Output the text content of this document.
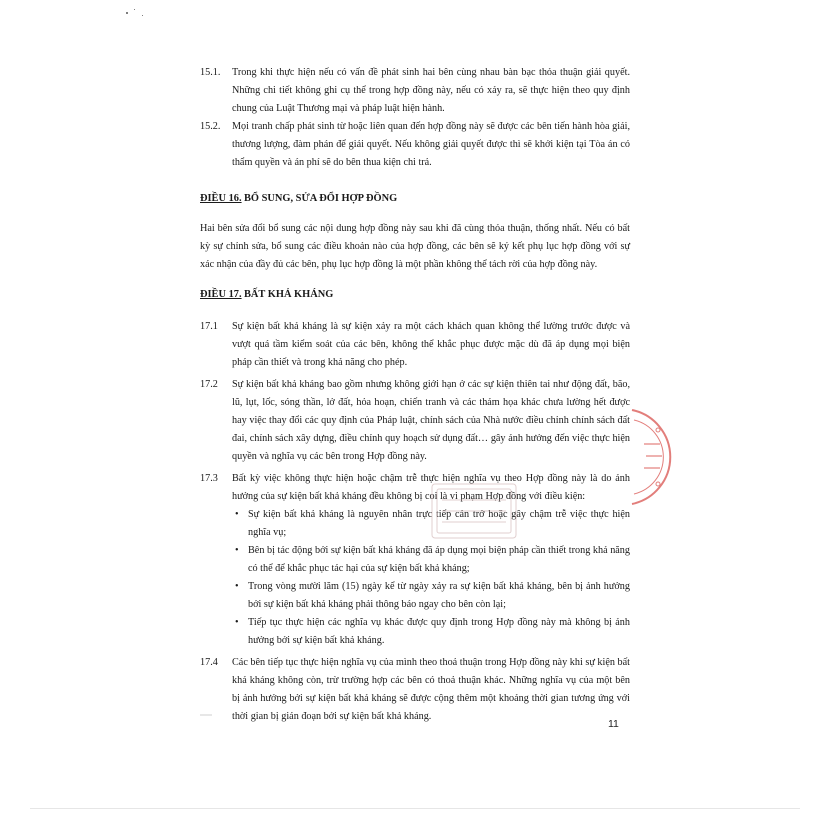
15.1. Trong khi thực hiện nếu có vấn đề phát sinh hai bên cùng nhau bàn bạc thỏa thuận giải quyết. Những chi tiết không ghi cụ thể trong hợp đồng này, nếu có xảy ra, sẽ thực hiện theo quy định chung của Luật Thương mại và pháp luật hiện hành.

15.2. Mọi tranh chấp phát sinh từ hoặc liên quan đến hợp đồng này sẽ được các bên tiến hành hòa giải, thương lượng, đàm phán để giải quyết. Nếu không giải quyết được thì sẽ khởi kiện tại Tòa án có thẩm quyền và án phí sẽ do bên thua kiện chi trả.

ĐIỀU 16. BỔ SUNG, SỬA ĐỔI HỢP ĐỒNG

Hai bên sửa đổi bổ sung các nội dung hợp đồng này sau khi đã cùng thỏa thuận, thống nhất. Nếu có bất kỳ sự chỉnh sửa, bổ sung các điều khoản nào của hợp đồng, các bên sẽ ký kết phụ lục hợp đồng với sự xác nhận của đầy đủ các bên, phụ lục hợp đồng là một phần không thể tách rời của hợp đồng này.

ĐIỀU 17. BẤT KHẢ KHÁNG
17.1 Sự kiện bất khả kháng là sự kiện xảy ra một cách khách quan không thể lường trước được và vượt quá tầm kiểm soát của các bên, không thể khắc phục được mặc dù đã áp dụng mọi biện pháp cần thiết và trong khả năng cho phép.

17.2 Sự kiện bất khả kháng bao gồm nhưng không giới hạn ở các sự kiện thiên tai như động đất, bão, lũ, lụt, lốc, sóng thần, lở đất, hỏa hoạn, chiến tranh và các thảm họa khác chưa lường hết được hay việc thay đổi các quy định của Pháp luật, chính sách của Nhà nước điều chỉnh chính sách đất đai, chính sách xây dựng, điều chỉnh quy hoạch sử dụng đất… gây ảnh hưởng đến việc thực hiện quyền và nghĩa vụ các bên trong Hợp đồng này.

17.3 Bất kỳ việc không thực hiện hoặc chậm trễ thực hiện nghĩa vụ theo Hợp đồng này là do ảnh hưởng của sự kiện bất khả kháng đều không bị coi là vi phạm Hợp đồng với điều kiện:

• Sự kiện bất khả kháng là nguyên nhân trực tiếp cản trở hoặc gây chậm trễ việc thực hiện nghĩa vụ;
• Bên bị tác động bởi sự kiện bất khả kháng đã áp dụng mọi biện pháp cần thiết trong khả năng có thể để khắc phục tác hại của sự kiện bất khả kháng;
• Trong vòng mười lăm (15) ngày kể từ ngày xảy ra sự kiện bất khả kháng, bên bị ảnh hưởng bởi sự kiện bất khả kháng phải thông báo ngay cho bên còn lại;
• Tiếp tục thực hiện các nghĩa vụ khác được quy định trong Hợp đồng này mà không bị ảnh hưởng bởi sự kiện bất khả kháng.
17.4 Các bên tiếp tục thực hiện nghĩa vụ của mình theo thoả thuận trong Hợp đồng này khi sự kiện bất khả kháng không còn, trừ trường hợp các bên có thoả thuận khác. Những nghĩa vụ của một bên bị ảnh hưởng bởi sự kiện bất khả kháng sẽ được cộng thêm một khoảng thời gian tương ứng với thời gian bị gián đoạn bởi sự kiện bất khả kháng.

11
